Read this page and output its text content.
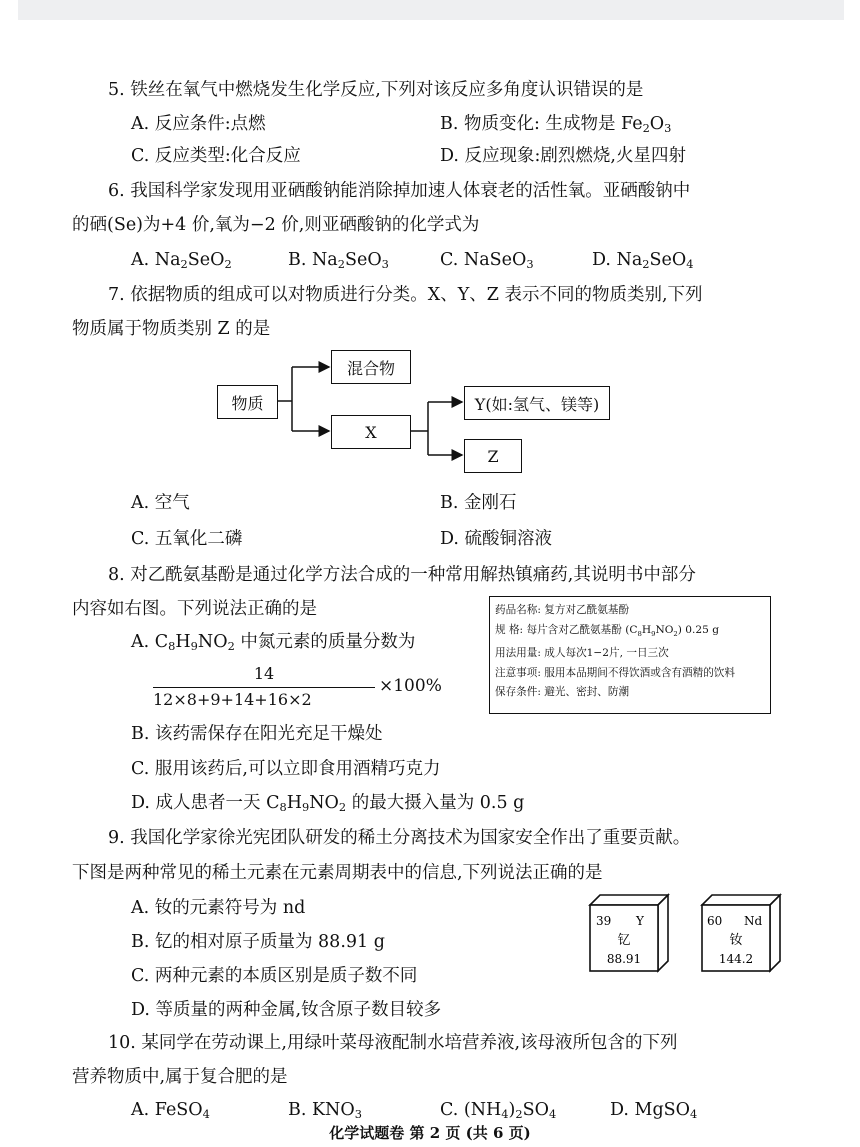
5. 铁丝在氧气中燃烧发生化学反应,下列对该反应多角度认识错误的是
A. 反应条件:点燃	B. 物质变化: 生成物是 $Fe_2O_3$
C. 反应类型:化合反应	D. 反应现象:剧烈燃烧,火星四射
6. 我国科学家发现用亚硒酸钠能消除掉加速人体衰老的活性氧。亚硒酸钠中
的硒(Se)为+4 价,氧为−2 价,则亚硒酸钠的化学式为
A. $Na_2SeO_2$	B. $Na_2SeO_3$	C. NaSeO$_3$	D. $Na_2SeO_4$
7. 依据物质的组成可以对物质进行分类。X、Y、Z 表示不同的物质类别,下列
物质属于物质类别 Z 的是
物质
混合物
X
Y(如:氢气、镁等)
Z
A. 空气	B. 金刚石
C. 五氧化二磷	D. 硫酸铜溶液
8. 对乙酰氨基酚是通过化学方法合成的一种常用解热镇痛药,其说明书中部分
内容如右图。下列说法正确的是	药品名称: 复方对乙酰氨基酚
规 格: 每片含对乙酰氨基酚 $(C_8H_9NO_2)$ 0.25 g
用法用量: 成人每次1−2片, 一日三次
注意事项: 服用本品期间不得饮酒或含有酒精的饮料
保存条件: 避光、密封、防潮
A. $C_8H_9NO_2$ 中氮元素的质量分数为
14
12×8+9+14+16×2
×100%
B. 该药需保存在阳光充足干燥处
C. 服用该药后,可以立即食用酒精巧克力
D. 成人患者一天 $C_8H_9NO_2$ 的最大摄入量为 0.5 g
9. 我国化学家徐光宪团队研发的稀土分离技术为国家安全作出了重要贡献。
下图是两种常见的稀土元素在元素周期表中的信息,下列说法正确的是
A. 钕的元素符号为 nd
B. 钇的相对原子质量为 88.91 g
C. 两种元素的本质区别是质子数不同
D. 等质量的两种金属,钕含原子数目较多
39 Y
钇
88.91
60 Nd
钕
144.2
10. 某同学在劳动课上,用绿叶菜母液配制水培营养液,该母液所包含的下列
营养物质中,属于复合肥的是
A. FeSO$_4$	B. $KNO_3$	C. $(NH_4)_2SO_4$	D. MgSO$_4$
化学试题卷 第 2 页 (共 6 页)
